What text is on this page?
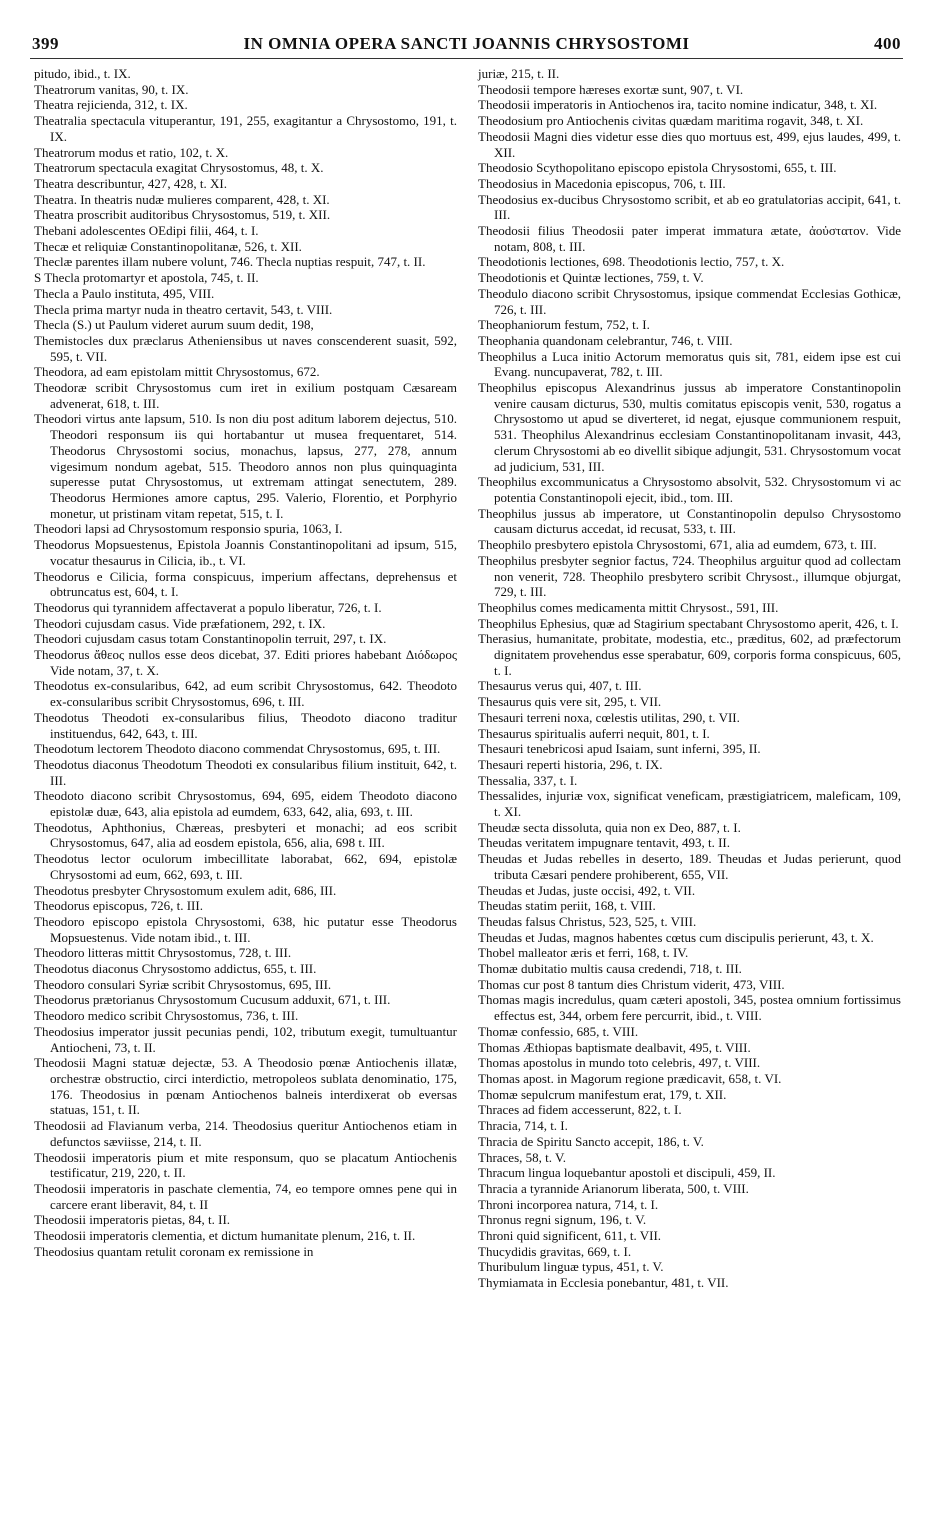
399	IN OMNIA OPERA SANCTI JOANNIS CHRYSOSTOMI	400

pitudo, ibid., t. IX.

Theatrorum vanitas, 90, t. IX.

Theatra rejicienda, 312, t. IX.

Theatralia spectacula vituperantur, 191, 255, exagitantur a Chrysostomo, 191, t. IX.

Theatrorum modus et ratio, 102, t. X.

Theatrorum spectacula exagitat Chrysostomus, 48, t. X.

Theatra describuntur, 427, 428, t. XI.

Theatra. In theatris nudæ mulieres comparent, 428, t. XI.

Theatra proscribit auditoribus Chrysostomus, 519, t. XII.

Thebani adolescentes OEdipi filii, 464, t. I.

Thecæ et reliquiæ Constantinopolitanæ, 526, t. XII.

Theclæ parentes illam nubere volunt, 746. Thecla nuptias respuit, 747, t. II.

S Thecla protomartyr et apostola, 745, t. II.

Thecla a Paulo instituta, 495, VIII.

Thecla prima martyr nuda in theatro certavit, 543, t. VIII.

Thecla (S.) ut Paulum videret aurum suum dedit, 198,

Themistocles dux præclarus Atheniensibus ut naves conscenderent suasit, 592, 595, t. VII.

Theodora, ad eam epistolam mittit Chrysostomus, 672.

Theodoræ scribit Chrysostomus cum iret in exilium postquam Cæsaream advenerat, 618, t. III.

Theodori virtus ante lapsum, 510. Is non diu post aditum laborem dejectus, 510. Theodori responsum iis qui hortabantur ut musea frequentaret, 514. Theodorus Chrysostomi socius, monachus, lapsus, 277, 278, annum vigesimum nondum agebat, 515. Theodoro annos non plus quinquaginta superesse putat Chrysostomus, ut extremam attingat senectutem, 289. Theodorus Hermiones amore captus, 295. Valerio, Florentio, et Porphyrio monetur, ut pristinam vitam repetat, 515, t. I.

Theodori lapsi ad Chrysostomum responsio spuria, 1063, I.

Theodorus Mopsuestenus, Epistola Joannis Constantinopolitani ad ipsum, 515, vocatur thesaurus in Cilicia, ib., t. VI.

Theodorus e Cilicia, forma conspicuus, imperium affectans, deprehensus et obtruncatus est, 604, t. I.

Theodorus qui tyrannidem affectaverat a populo liberatur, 726, t. I.

Theodori cujusdam casus. Vide præfationem, 292, t. IX.

Theodori cujusdam casus totam Constantinopolin terruit, 297, t. IX.

Theodorus ἄθεος nullos esse deos dicebat, 37. Editi priores habebant Διόδωρος Vide notam, 37, t. X.

Theodotus ex-consularibus, 642, ad eum scribit Chrysostomus, 642. Theodoto ex-consularibus scribit Chrysostomus, 696, t. III.

Theodotus Theodoti ex-consularibus filius, Theodoto diacono traditur instituendus, 642, 643, t. III.

Theodotum lectorem Theodoto diacono commendat Chrysostomus, 695, t. III.

Theodotus diaconus Theodotum Theodoti ex consularibus filium instituit, 642, t. III.

Theodoto diacono scribit Chrysostomus, 694, 695, eidem Theodoto diacono epistolæ duæ, 643, alia epistola ad eumdem, 633, 642, alia, 693, t. III.

Theodotus, Aphthonius, Chæreas, presbyteri et monachi; ad eos scribit Chrysostomus, 647, alia ad eosdem epistola, 656, alia, 698 t. III.

Theodotus lector oculorum imbecillitate laborabat, 662, 694, epistolæ Chrysostomi ad eum, 662, 693, t. III.

Theodotus presbyter Chrysostomum exulem adit, 686, III.

Theodorus episcopus, 726, t. III.

Theodoro episcopo epistola Chrysostomi, 638, hic putatur esse Theodorus Mopsuestenus. Vide notam ibid., t. III.

Theodoro litteras mittit Chrysostomus, 728, t. III.

Theodotus diaconus Chrysostomo addictus, 655, t. III.

Theodoro consulari Syriæ scribit Chrysostomus, 695, III.

Theodorus prætorianus Chrysostomum Cucusum adduxit, 671, t. III.

Theodoro medico scribit Chrysostomus, 736, t. III.

Theodosius imperator jussit pecunias pendi, 102, tributum exegit, tumultuantur Antiocheni, 73, t. II.

Theodosii Magni statuæ dejectæ, 53. A Theodosio pœnæ Antiochenis illatæ, orchestræ obstructio, circi interdictio, metropoleos sublata denominatio, 175, 176. Theodosius in pœnam Antiochenos balneis interdixerat ob eversas statuas, 151, t. II.

Theodosii ad Flavianum verba, 214. Theodosius queritur Antiochenos etiam in defunctos sæviisse, 214, t. II.

Theodosii imperatoris pium et mite responsum, quo se placatum Antiochenis testificatur, 219, 220, t. II.

Theodosii imperatoris in paschate clementia, 74, eo tempore omnes pene qui in carcere erant liberavit, 84, t. II

Theodosii imperatoris pietas, 84, t. II.

Theodosii imperatoris clementia, et dictum humanitate plenum, 216, t. II.

Theodosius quantam retulit coronam ex remissione in

juriæ, 215, t. II.

Theodosii tempore hæreses exortæ sunt, 907, t. VI.

Theodosii imperatoris in Antiochenos ira, tacito nomine indicatur, 348, t. XI.

Theodosium pro Antiochenis civitas quædam maritima rogavit, 348, t. XI.

Theodosii Magni dies videtur esse dies quo mortuus est, 499, ejus laudes, 499, t. XII.

Theodosio Scythopolitano episcopo epistola Chrysostomi, 655, t. III.

Theodosius in Macedonia episcopus, 706, t. III.

Theodosius ex-ducibus Chrysostomo scribit, et ab eo gratulatorias accipit, 641, t. III.

Theodosii filius Theodosii pater imperat immatura ætate, ἀοὐστατον. Vide notam, 808, t. III.

Theodotionis lectiones, 698. Theodotionis lectio, 757, t. X.

Theodotionis et Quintæ lectiones, 759, t. V.

Theodulo diacono scribit Chrysostomus, ipsique commendat Ecclesias Gothicæ, 726, t. III.

Theophaniorum festum, 752, t. I.

Theophania quandonam celebrantur, 746, t. VIII.

Theophilus a Luca initio Actorum memoratus quis sit, 781, eidem ipse est cui Evang. nuncupaverat, 782, t. III.

Theophilus episcopus Alexandrinus jussus ab imperatore Constantinopolin venire causam dicturus, 530, multis comitatus episcopis venit, 530, rogatus a Chrysostomo ut apud se diverteret, id negat, ejusque communionem respuit, 531. Theophilus Alexandrinus ecclesiam Constantinopolitanam invasit, 443, clerum Chrysostomi ab eo divellit sibique adjungit, 531. Chrysostomum vocat ad judicium, 531, III.

Theophilus excommunicatus a Chrysostomo absolvit, 532. Chrysostomum vi ac potentia Constantinopoli ejecit, ibid., tom. III.

Theophilus jussus ab imperatore, ut Constantinopolin depulso Chrysostomo causam dicturus accedat, id recusat, 533, t. III.

Theophilo presbytero epistola Chrysostomi, 671, alia ad eumdem, 673, t. III.

Theophilus presbyter segnior factus, 724. Theophilus arguitur quod ad collectam non venerit, 728. Theophilo presbytero scribit Chrysost., illumque objurgat, 729, t. III.

Theophilus comes medicamenta mittit Chrysost., 591, III.

Theophilus Ephesius, quæ ad Stagirium spectabant Chrysostomo aperit, 426, t. I.

Therasius, humanitate, probitate, modestia, etc., præditus, 602, ad præfectorum dignitatem provehendus esse sperabatur, 609, corporis forma conspicuus, 605, t. I.

Thesaurus verus qui, 407, t. III.

Thesaurus quis vere sit, 295, t. VII.

Thesauri terreni noxa, cœlestis utilitas, 290, t. VII.

Thesaurus spiritualis auferri nequit, 801, t. I.

Thesauri tenebricosi apud Isaiam, sunt inferni, 395, II.

Thesauri reperti historia, 296, t. IX.

Thessalia, 337, t. I.

Thessalides, injuriæ vox, significat veneficam, præstigiatricem, maleficam, 109, t. XI.

Theudæ secta dissoluta, quia non ex Deo, 887, t. I.

Theudas veritatem impugnare tentavit, 493, t. II.

Theudas et Judas rebelles in deserto, 189. Theudas et Judas perierunt, quod tributa Cæsari pendere prohiberent, 655, VII.

Theudas et Judas, juste occisi, 492, t. VII.

Theudas statim periit, 168, t. VIII.

Theudas falsus Christus, 523, 525, t. VIII.

Theudas et Judas, magnos habentes cœtus cum discipulis perierunt, 43, t. X.

Thobel malleator æris et ferri, 168, t. IV.

Thomæ dubitatio multis causa credendi, 718, t. III.

Thomas cur post 8 tantum dies Christum viderit, 473, VIII.

Thomas magis incredulus, quam cæteri apostoli, 345, postea omnium fortissimus effectus est, 344, orbem fere percurrit, ibid., t. VIII.

Thomæ confessio, 685, t. VIII.

Thomas Æthiopas baptismate dealbavit, 495, t. VIII.

Thomas apostolus in mundo toto celebris, 497, t. VIII.

Thomas apost. in Magorum regione prædicavit, 658, t. VI.

Thomæ sepulcrum manifestum erat, 179, t. XII.

Thraces ad fidem accesserunt, 822, t. I.

Thracia, 714, t. I.

Thracia de Spiritu Sancto accepit, 186, t. V.

Thraces, 58, t. V.

Thracum lingua loquebantur apostoli et discipuli, 459, II.

Thracia a tyrannide Arianorum liberata, 500, t. VIII.

Throni incorporea natura, 714, t. I.

Thronus regni signum, 196, t. V.

Throni quid significent, 611, t. VII.

Thucydidis gravitas, 669, t. I.

Thuribulum linguæ typus, 451, t. V.

Thymiamata in Ecclesia ponebantur, 481, t. VII.
